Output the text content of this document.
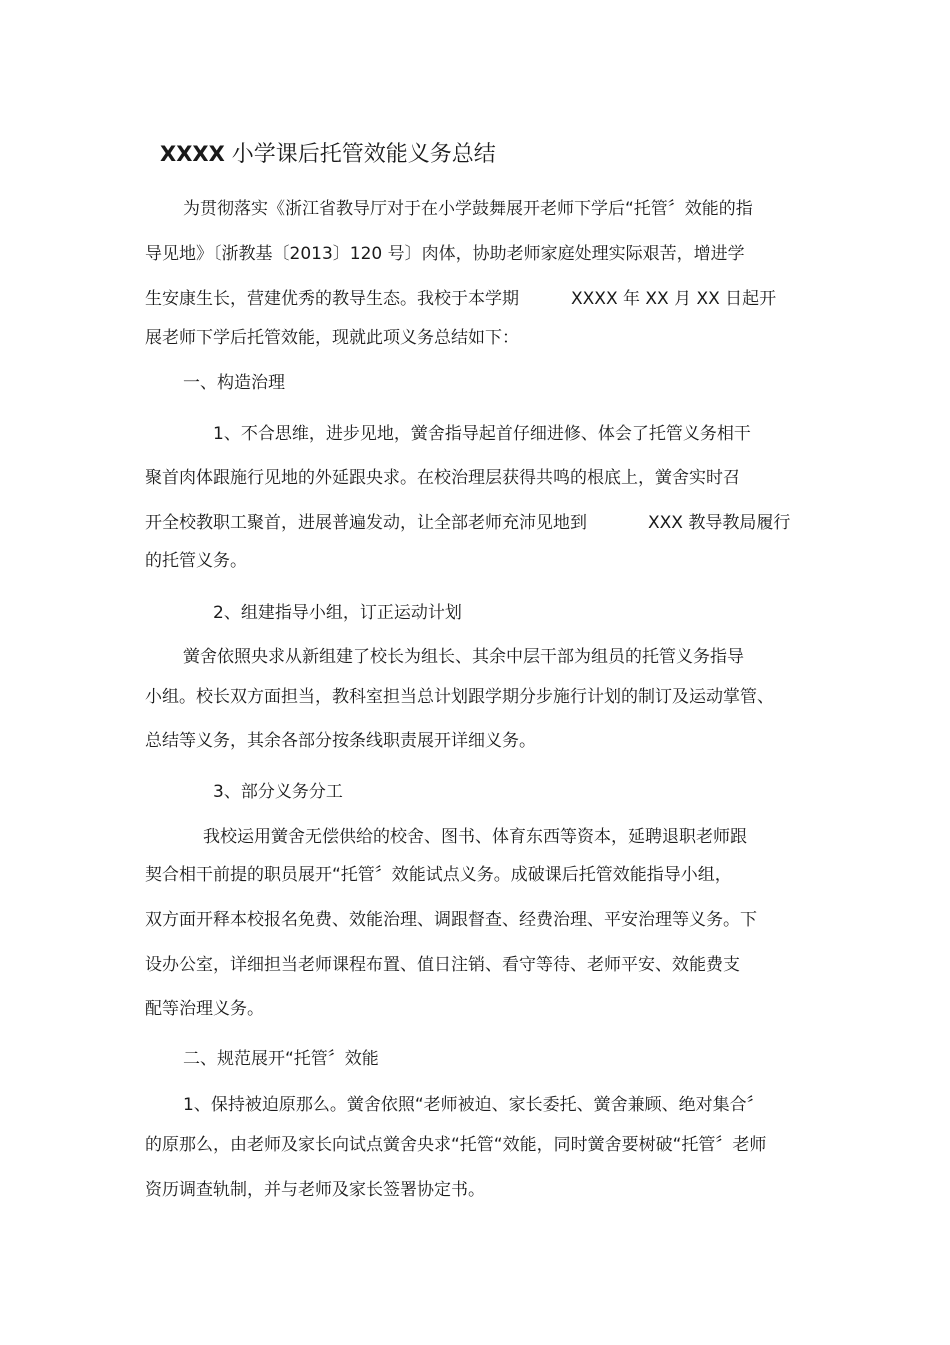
XXXX 小学课后托管效能义务总结
为贯彻落实《浙江省教导厅对于在小学鼓舞展开老师下学后“托管〞效能的指
导见地》〔浙教基〔2013〕120 号〕肉体，协助老师家庭处理实际艰苦，增进学
生安康生长，营建优秀的教导生态。我校于本学期	XXXX 年 XX 月 XX 日起开
展老师下学后托管效能，现就此项义务总结如下：
一、构造治理
1、不合思维，进步见地，黉舍指导起首仔细进修、体会了托管义务相干
聚首肉体跟施行见地的外延跟央求。在校治理层获得共鸣的根底上，黉舍实时召
开全校教职工聚首，进展普遍发动，让全部老师充沛见地到	XXX 教导教局履行
的托管义务。
2、组建指导小组，订正运动计划
黉舍依照央求从新组建了校长为组长、其余中层干部为组员的托管义务指导
小组。校长双方面担当，教科室担当总计划跟学期分步施行计划的制订及运动掌管、
总结等义务，其余各部分按条线职责展开详细义务。
3、部分义务分工
我校运用黉舍无偿供给的校舍、图书、体育东西等资本，延聘退职老师跟
契合相干前提的职员展开“托管〞效能试点义务。成破课后托管效能指导小组，
双方面开释本校报名免费、效能治理、调跟督查、经费治理、平安治理等义务。下
设办公室，详细担当老师课程布置、值日注销、看守等待、老师平安、效能费支
配等治理义务。
二、规范展开“托管〞效能
1、保持被迫原那么。黉舍依照“老师被迫、家长委托、黉舍兼顾、绝对集合〞
的原那么，由老师及家长向试点黉舍央求“托管“效能，同时黉舍要树破“托管〞老师
资历调查轨制，并与老师及家长签署协定书。
